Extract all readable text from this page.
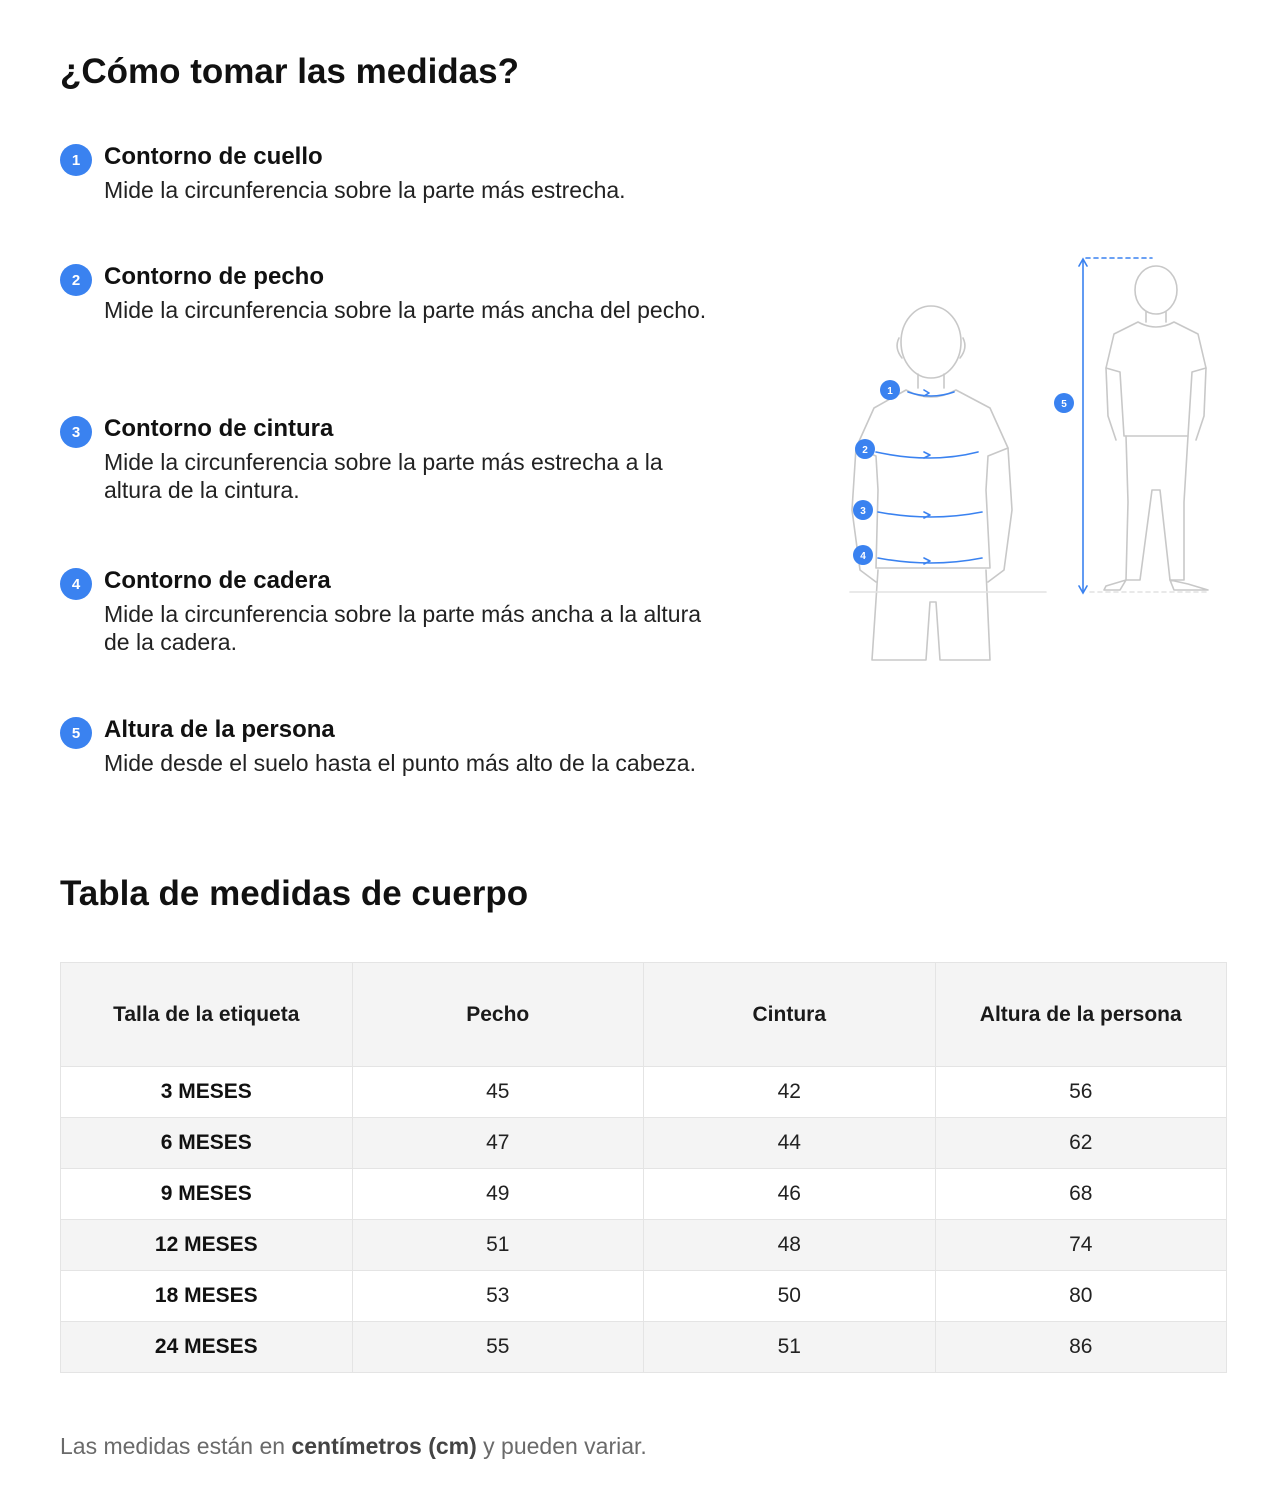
¿Cómo tomar las medidas?
1 Contorno de cuello
Mide la circunferencia sobre la parte más estrecha.
2 Contorno de pecho
Mide la circunferencia sobre la parte más ancha del pecho.
3 Contorno de cintura
Mide la circunferencia sobre la parte más estrecha a la altura de la cintura.
4 Contorno de cadera
Mide la circunferencia sobre la parte más ancha a la altura de la cadera.
5 Altura de la persona
Mide desde el suelo hasta el punto más alto de la cabeza.
1
2
3
4
5
Tabla de medidas de cuerpo
Talla de la etiqueta	Pecho	Cintura	Altura de la persona
3 MESES	45	42	56
6 MESES	47	44	62
9 MESES	49	46	68
12 MESES	51	48	74
18 MESES	53	50	80
24 MESES	55	51	86

Las medidas están en centímetros (cm) y pueden variar.
